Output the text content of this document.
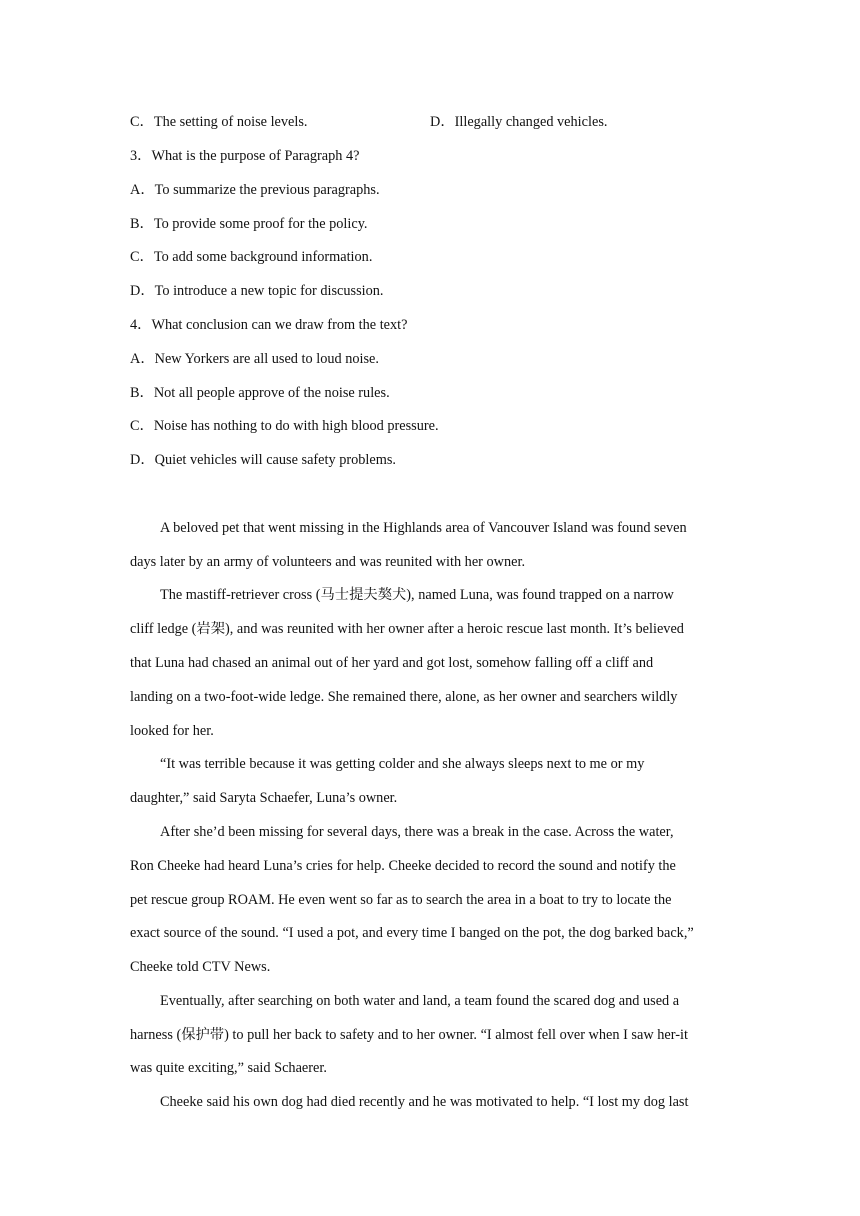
C．The setting of noise levels.	D．Illegally changed vehicles.
3．What is the purpose of Paragraph 4?
A．To summarize the previous paragraphs.
B．To provide some proof for the policy.
C．To add some background information.
D．To introduce a new topic for discussion.
4．What conclusion can we draw from the text?
A．New Yorkers are all used to loud noise.
B．Not all people approve of the noise rules.
C．Noise has nothing to do with high blood pressure.
D．Quiet vehicles will cause safety problems.
A beloved pet that went missing in the Highlands area of Vancouver Island was found seven
days later by an army of volunteers and was reunited with her owner.
The mastiff-retriever cross (马士提夫獒犬), named Luna, was found trapped on a narrow
cliff ledge (岩架), and was reunited with her owner after a heroic rescue last month. It’s believed
that Luna had chased an animal out of her yard and got lost, somehow falling off a cliff and
landing on a two-foot-wide ledge. She remained there, alone, as her owner and searchers wildly
looked for her.
“It was terrible because it was getting colder and she always sleeps next to me or my
daughter,” said Saryta Schaefer, Luna’s owner.
After she’d been missing for several days, there was a break in the case. Across the water,
Ron Cheeke had heard Luna’s cries for help. Cheeke decided to record the sound and notify the
pet rescue group ROAM. He even went so far as to search the area in a boat to try to locate the
exact source of the sound. “I used a pot, and every time I banged on the pot, the dog barked back,”
Cheeke told CTV News.
Eventually, after searching on both water and land, a team found the scared dog and used a
harness (保护带) to pull her back to safety and to her owner. “I almost fell over when I saw her-it
was quite exciting,” said Schaerer.
Cheeke said his own dog had died recently and he was motivated to help. “I lost my dog last
